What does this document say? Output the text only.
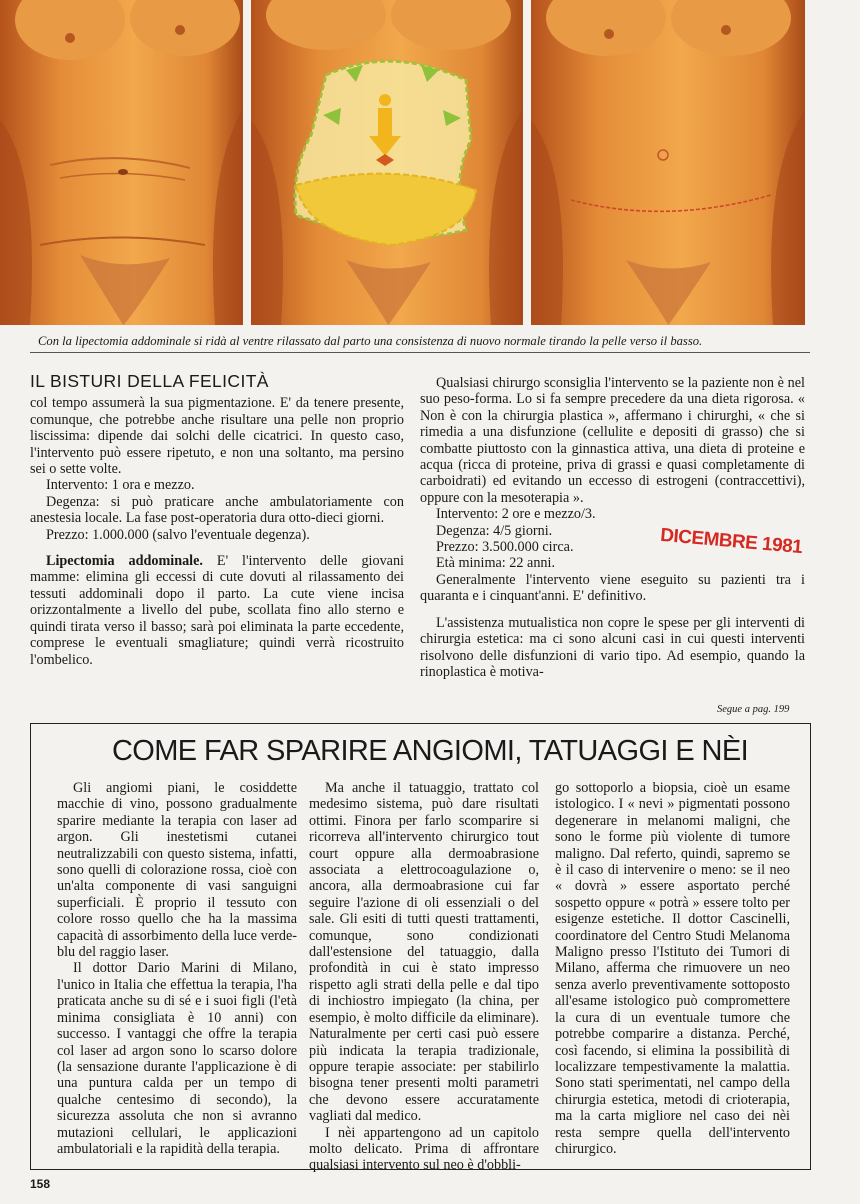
Con la lipectomia addominale si ridà al ventre rilassato dal parto una consistenza di nuovo normale tirando la pelle verso il basso.
IL BISTURI DELLA FELICITÀ

col tempo assumerà la sua pigmentazione. E' da tenere presente, comunque, che potrebbe anche risultare una pelle non proprio liscissima: dipende dai solchi delle cicatrici. In questo caso, l'intervento può essere ripetuto, e non una soltanto, ma persino sei o sette volte.

Intervento: 1 ora e mezzo.

Degenza: si può praticare anche ambulatoriamente con anestesia locale. La fase post-operatoria dura otto-dieci giorni.

Prezzo: 1.000.000 (salvo l'eventuale degenza).

Lipectomia addominale. E' l'intervento delle giovani mamme: elimina gli eccessi di cute dovuti al rilassamento dei tessuti addominali dopo il parto. La cute viene incisa orizzontalmente a livello del pube, scollata fino allo sterno e quindi tirata verso il basso; sarà poi eliminata la parte eccedente, comprese le eventuali smagliature; quindi verrà ricostruito l'ombelico.

Qualsiasi chirurgo sconsiglia l'intervento se la paziente non è nel suo peso-forma. Lo si fa sempre precedere da una dieta rigorosa. « Non è con la chirurgia plastica », affermano i chirurghi, « che si rimedia a una disfunzione (cellulite e depositi di grasso) che si combatte piuttosto con la ginnastica attiva, una dieta di proteine e acqua (ricca di proteine, priva di grassi e quasi completamente di carboidrati) ed evitando un eccesso di estrogeni (contraccettivi), oppure con la mesoterapia ».

Intervento: 2 ore e mezzo/3.

Degenza: 4/5 giorni.

Prezzo: 3.500.000 circa.

Età minima: 22 anni.

Generalmente l'intervento viene eseguito su pazienti tra i quaranta e i cinquant'anni. E' definitivo.

L'assistenza mutualistica non copre le spese per gli interventi di chirurgia estetica: ma ci sono alcuni casi in cui questi interventi risolvono delle disfunzioni di vario tipo. Ad esempio, quando la rinoplastica è motiva-

DICEMBRE 1981
Segue a pag. 199
COME FAR SPARIRE ANGIOMI, TATUAGGI E NÈI

Gli angiomi piani, le cosiddette macchie di vino, possono gradualmente sparire mediante la terapia con laser ad argon. Gli inestetismi cutanei neutralizzabili con questo sistema, infatti, sono quelli di colorazione rossa, cioè con un'alta componente di vasi sanguigni superficiali. È proprio il tessuto con colore rosso quello che ha la massima capacità di assorbimento della luce verde-blu del raggio laser.

Il dottor Dario Marini di Milano, l'unico in Italia che effettua la terapia, l'ha praticata anche su di sé e i suoi figli (l'età minima consigliata è 10 anni) con successo. I vantaggi che offre la terapia col laser ad argon sono lo scarso dolore (la sensazione durante l'applicazione è di una puntura calda per un tempo di qualche centesimo di secondo), la sicurezza assoluta che non si avranno mutazioni cellulari, le applicazioni ambulatoriali e la rapidità della terapia.

Ma anche il tatuaggio, trattato col medesimo sistema, può dare risultati ottimi. Finora per farlo scomparire si ricorreva all'intervento chirurgico tout court oppure alla dermoabrasione associata a elettrocoagulazione o, ancora, alla dermoabrasione cui far seguire l'azione di oli essenziali o del sale. Gli esiti di tutti questi trattamenti, comunque, sono condizionati dall'estensione del tatuaggio, dalla profondità in cui è stato impresso rispetto agli strati della pelle e dal tipo di inchiostro impiegato (la china, per esempio, è molto difficile da eliminare). Naturalmente per certi casi può essere più indicata la terapia tradizionale, oppure terapie associate: per stabilirlo bisogna tener presenti molti parametri che devono essere accuratamente vagliati dal medico.

I nèi appartengono ad un capitolo molto delicato. Prima di affrontare qualsiasi intervento sul neo è d'obbli-

go sottoporlo a biopsia, cioè un esame istologico. I « nevi » pigmentati possono degenerare in melanomi maligni, che sono le forme più violente di tumore maligno. Dal referto, quindi, sapremo se è il caso di intervenire o meno: se il neo « dovrà » essere asportato perché sospetto oppure « potrà » essere tolto per esigenze estetiche. Il dottor Cascinelli, coordinatore del Centro Studi Melanoma Maligno presso l'Istituto dei Tumori di Milano, afferma che rimuovere un neo senza averlo preventivamente sottoposto all'esame istologico può compromettere la cura di un eventuale tumore che potrebbe comparire a distanza. Perché, così facendo, si elimina la possibilità di localizzare tempestivamente la malattia. Sono stati sperimentati, nel campo della chirurgia estetica, metodi di crioterapia, ma la carta migliore nel caso dei nèi resta sempre quella dell'intervento chirurgico.

158
